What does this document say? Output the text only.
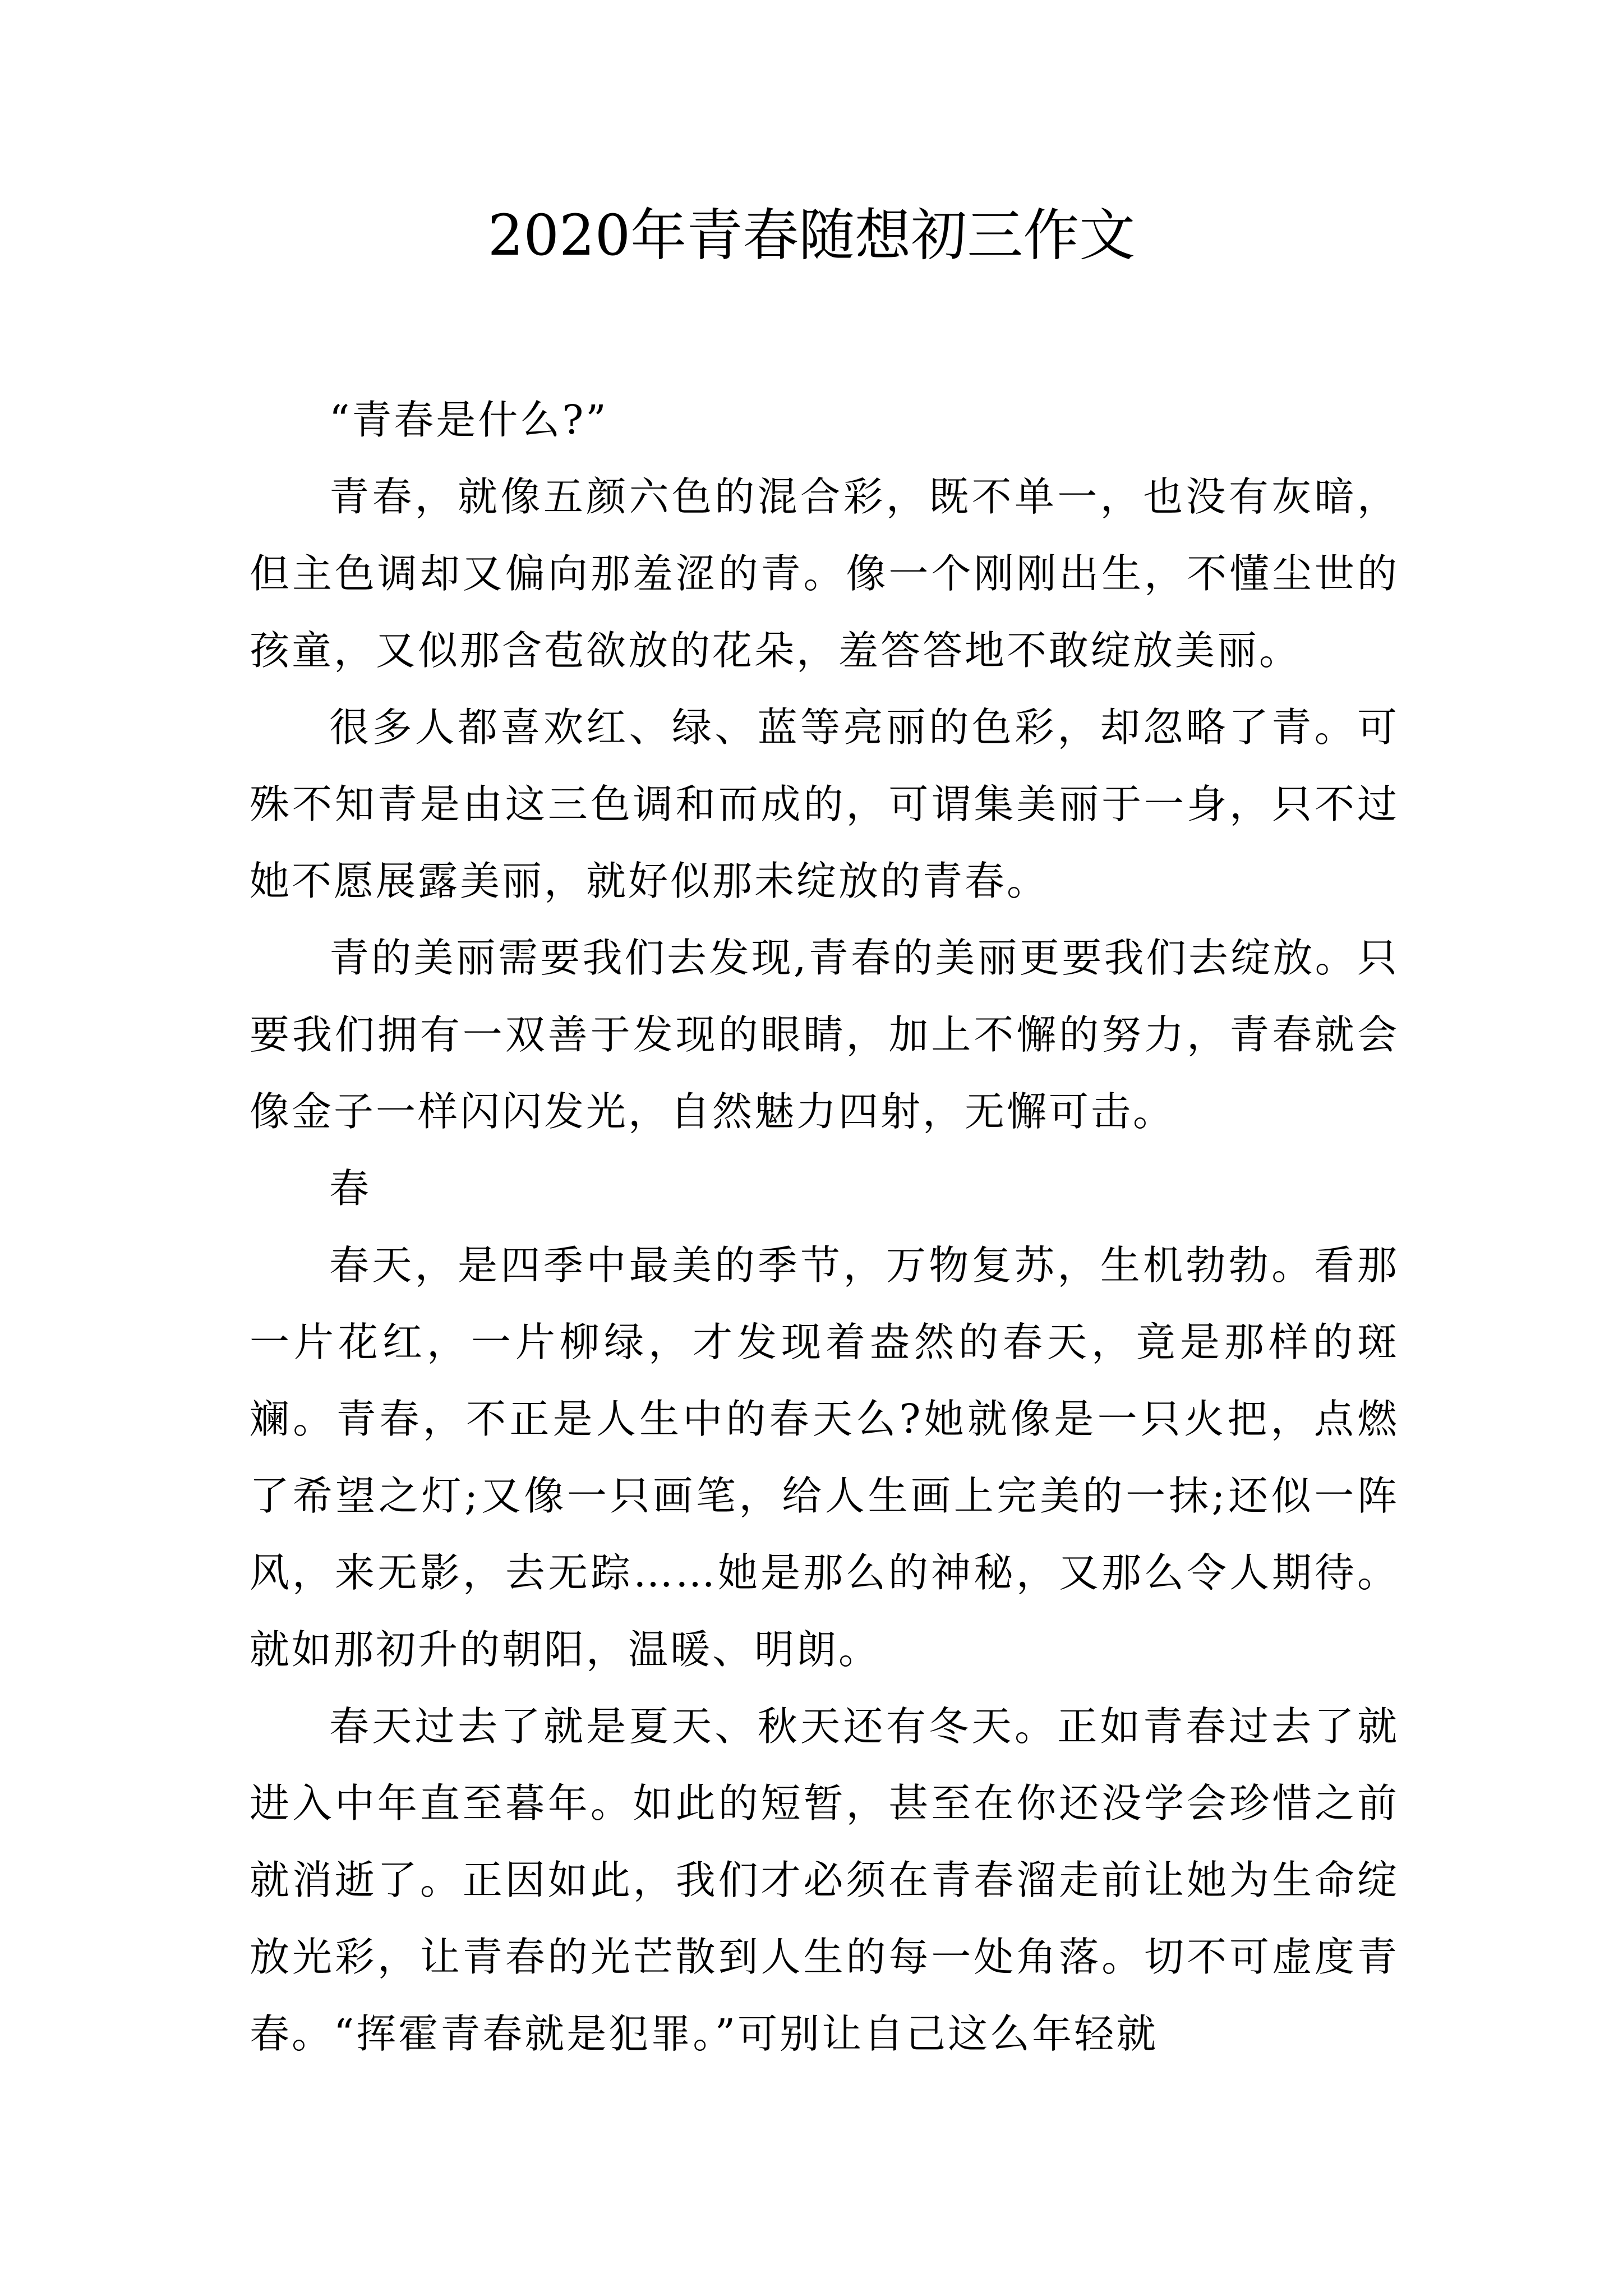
2020年青春随想初三作文

“青春是什么?”

青春，就像五颜六色的混合彩，既不单一，也没有灰暗，但主色调却又偏向那羞涩的青。像一个刚刚出生，不懂尘世的孩童，又似那含苞欲放的花朵，羞答答地不敢绽放美丽。

很多人都喜欢红、绿、蓝等亮丽的色彩，却忽略了青。可殊不知青是由这三色调和而成的，可谓集美丽于一身，只不过她不愿展露美丽，就好似那未绽放的青春。

青的美丽需要我们去发现,青春的美丽更要我们去绽放。只要我们拥有一双善于发现的眼睛，加上不懈的努力，青春就会像金子一样闪闪发光，自然魅力四射，无懈可击。

春

春天，是四季中最美的季节，万物复苏，生机勃勃。看那一片花红，一片柳绿，才发现着盎然的春天，竟是那样的斑斓。青春，不正是人生中的春天么?她就像是一只火把，点燃了希望之灯;又像一只画笔，给人生画上完美的一抹;还似一阵风，来无影，去无踪……她是那么的神秘，又那么令人期待。就如那初升的朝阳，温暖、明朗。

春天过去了就是夏天、秋天还有冬天。正如青春过去了就进入中年直至暮年。如此的短暂，甚至在你还没学会珍惜之前就消逝了。正因如此，我们才必须在青春溜走前让她为生命绽放光彩，让青春的光芒散到人生的每一处角落。切不可虚度青春。“挥霍青春就是犯罪。”可别让自己这么年轻就
